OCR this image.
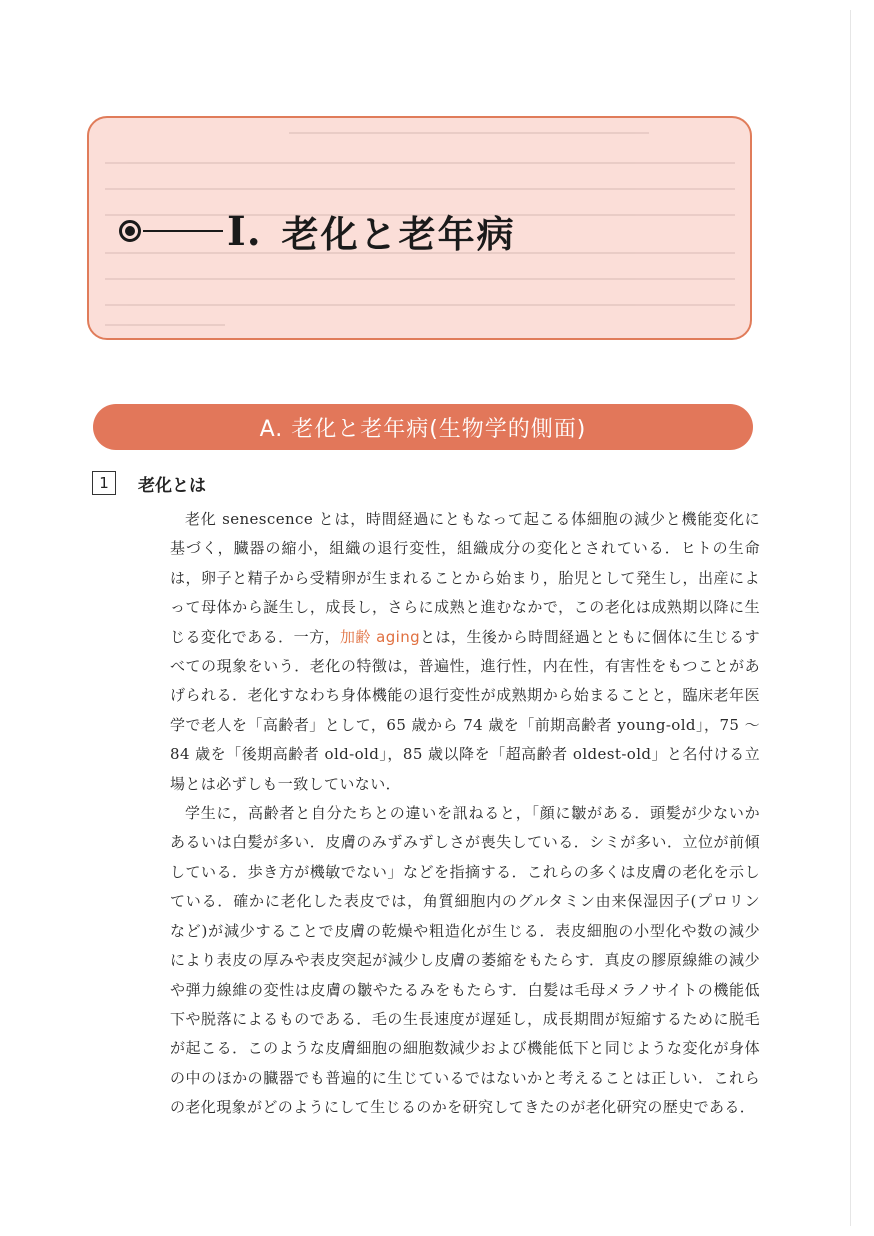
I. 老化と老年病
A. 老化と老年病(生物学的側面)
1	老化とは

老化 senescence とは，時間経過にともなって起こる体細胞の減少と機能変化に基づく，臓器の縮小，組織の退行変性，組織成分の変化とされている．ヒトの生命は，卵子と精子から受精卵が生まれることから始まり，胎児として発生し，出産によって母体から誕生し，成長し，さらに成熟と進むなかで，この老化は成熟期以降に生じる変化である．一方，加齢 agingとは，生後から時間経過とともに個体に生じるすべての現象をいう．老化の特徴は，普遍性，進行性，内在性，有害性をもつことがあげられる．老化すなわち身体機能の退行変性が成熟期から始まることと，臨床老年医学で老人を「高齢者」として，65 歳から 74 歳を「前期高齢者 young-old」，75 ～ 84 歳を「後期高齢者 old-old」，85 歳以降を「超高齢者 oldest-old」と名付ける立場とは必ずしも一致していない．

学生に，高齢者と自分たちとの違いを訊ねると，「顔に皺がある．頭髪が少ないかあるいは白髪が多い．皮膚のみずみずしさが喪失している．シミが多い．立位が前傾している．歩き方が機敏でない」などを指摘する．これらの多くは皮膚の老化を示している．確かに老化した表皮では，角質細胞内のグルタミン由来保湿因子(プロリンなど)が減少することで皮膚の乾燥や粗造化が生じる．表皮細胞の小型化や数の減少により表皮の厚みや表皮突起が減少し皮膚の萎縮をもたらす．真皮の膠原線維の減少や弾力線維の変性は皮膚の皺やたるみをもたらす．白髪は毛母メラノサイトの機能低下や脱落によるものである．毛の生長速度が遅延し，成長期間が短縮するために脱毛が起こる．このような皮膚細胞の細胞数減少および機能低下と同じような変化が身体の中のほかの臓器でも普遍的に生じているではないかと考えることは正しい．これらの老化現象がどのようにして生じるのかを研究してきたのが老化研究の歴史である．
